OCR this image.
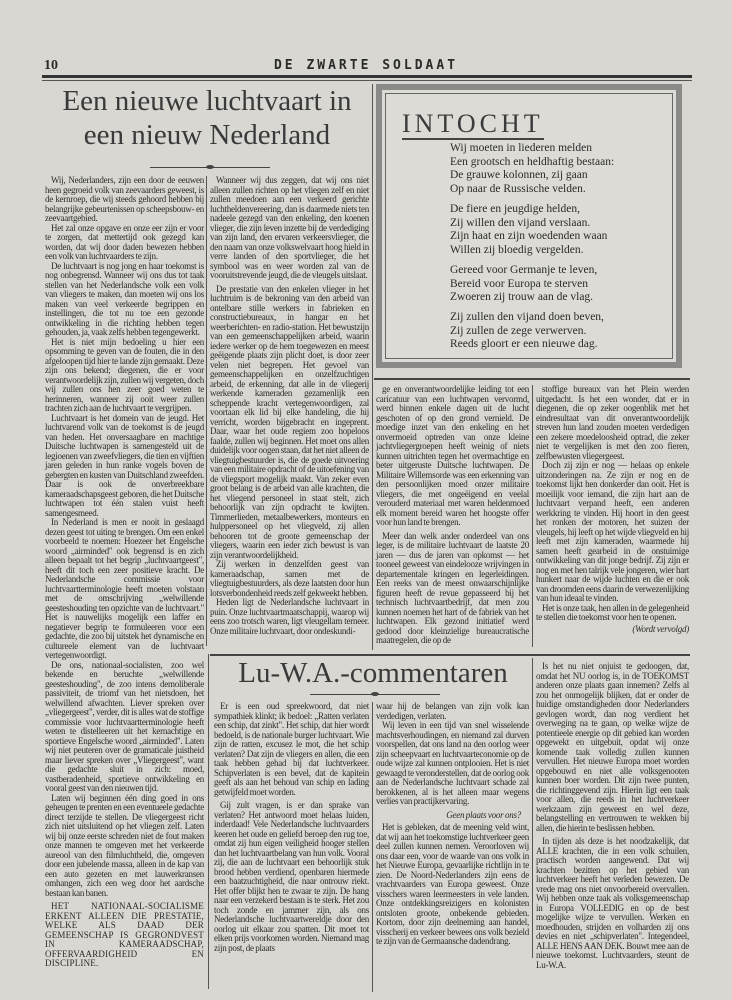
10	DE ZWARTE SOLDAAT
Een nieuwe luchtvaart in
een nieuw Nederland

Wij, Nederlanders, zijn een door de eeuwen heen gegroeid volk van zeevaarders geweest, is de kernroep, die wij steeds gehoord hebben bij belangrijke gebeurtenissen op scheepsbouw- en zeevaartgebied.

Het zal onze opgave en onze eer zijn er voor te zorgen, dat mettertijd ook gezegd kan worden, dat wij door daden bewezen hebben een volk van luchtvaarders te zijn.

De luchtvaart is nog jong en haar toekomst is nog onbegrensd. Wanneer wij ons dus tot taak stellen van het Nederlandsche volk een volk van vliegers te maken, dan moeten wij ons los maken van veel verkeerde begrippen en instellingen, die tot nu toe een gezonde ontwikkeling in die richting hebben tegen gehouden, ja, vaak zelfs hebben tegengewerkt.

Het is niet mijn bedoeling u hier een opsomming te geven van de fouten, die in den afgeloopen tijd hier te lande zijn gemaakt. Deze zijn ons bekend; diegenen, die er voor verantwoordelijk zijn, zullen wij vergeten, doch wij zullen ons hen zeer goed weten te herinneren, wanneer zij ooit weer zullen trachten zich aan de luchtvaart te vergrijpen.

Luchtvaart is het domein van de jeugd. Het luchtvarend volk van de toekomst is de jeugd van heden. Het onversaagbare en machtige Duitsche luchtwapen is samengesteld uit de legioenen van zweefvliegers, die tien en vijftien jaren geleden in hun ranke vogels boven de gebergten en kusten van Duitschland zweefden. Daar is ook de onverbreekbare kameraadschapsgeest geboren, die het Duitsche luchtwapen tot één stalen vuist heeft samengesmeed.

In Nederland is men er nooit in geslaagd dezen geest tot uiting te brengen. Om een enkel voorbeeld te noemen: Hoezeer het Engelsche woord „airminded" ook begrensd is en zich alleen bepaalt tot het begrip „luchtvaartgeest", heeft dit toch een zeer positieve kracht. De Nederlandsche commissie voor luchtvaartterminologie heeft moeten volstaan met de omschrijving „welwillende geesteshouding ten opzichte van de luchtvaart." Het is nauwelijks mogelijk een laffer en negatiever begrip te formuleeren voor een gedachte, die zoo bij uitstek het dynamische en cultureele element van de luchtvaart vertegenwoordigt.

De ons, nationaal-socialisten, zoo wel bekende en beruchte „welwillende geesteshouding", de zoo intens demoliberale passiviteit, de triomf van het nietsdoen, het welwillend afwachten. Liever spreken over „vliegergeest", verder, dit is alles wat de stoffige commissie voor luchtvaartterminologie heeft weten te distelleeren uit het kernachtige en sportieve Engelsche woord „airminded". Laten wij niet peuteren over de gramaticale juistheid maar liever spreken over „Vliegergeest", want die gedachte sluit in zich: moed, vastberadenheid, sportieve ontwikkeling en vooral geest van den nieuwen tijd.

Laten wij beginnen één ding goed in ons geheugen te prenten en een eventueele gedachte direct terzijde te stellen. De vliegergeest richt zich niet uitsluitend op het vliegen zelf. Laten wij bij onze eerste schreden niet de fout maken onze mannen te omgeven met het verkeerde aureool van den filmluchtheld, die, omgeven door een jubelende massa, alleen in de kap van een auto gezeten en met lauwerkransen omhangen, zich een weg door het aardsche bestaan kan banen.

HET NATIONAAL-SOCIALISME ERKENT ALLEEN DIE PRESTATIE, WELKE ALS DAAD DER GEMEENSCHAP IS GEGRONDVEST IN KAMERAADSCHAP, OFFERVAARDIGHEID EN DISCIPLINE.

Wanneer wij dus zeggen, dat wij ons niet alleen zullen richten op het vliegen zelf en niet zullen meedoen aan een verkeerd gerichte luchtheldenvereering, dan is daarmede niets ten nadeele gezegd van den enkeling, den koenen vlieger, die zijn leven inzette bij de verdediging van zijn land, den ervaren verkeersvlieger, die den naam van onze volkswelvaart hoog hield in verre landen of den sportvlieger, die het symbool was en weer worden zal van de vooruitstrevende jeugd, die de vleugels uitslaat.

De prestatie van den enkelen vlieger in het luchtruim is de bekroning van den arbeid van ontelbare stille werkers in fabrieken en constructiebureaux, in hangar en het weerberichten- en radio-station. Het bewustzijn van een gemeenschappelijken arbeid, waarin iedere werker op de hem toegewezen en meest geëigende plaats zijn plicht doet, is door zeer velen niet begrepen. Het gevoel van gemeenschappelijken en onzelfzuchtigen arbeid, de erkenning, dat alle in de vliegerij werkende kameraden gezamenlijk een scheppende kracht vertegenwoordigen, zal voortaan elk lid bij elke handeling, die hij verricht, worden bijgebracht en ingeprent. Daar, waar het oude regiem zoo hopeloos faalde, zullen wij beginnen. Het moet ons allen duidelijk voor oogen staan, dat het niet alleen de vliegtuigbestuurder is, die de goede uitvoering van een militaire opdracht of de uitoefening van de vliegsport mogelijk maakt. Van zeker even groot belang is de arbeid van alle krachten, die het vliegend personeel in staat stelt, zich behoorlijk van zijn opdracht te kwijten. Timmerlieden, metaalbewerkers, monteurs en hulppersoneel op het vliegveld, zij allen behooren tot de groote gemeenschap der vliegers, waarin een ieder zich bewust is van zijn verantwoordelijkheid.

Zij werken in denzelfden geest van kameraadschap, samen met de vliegtuigbestuurders, als deze laatsten door hun lotsverbondenheid reeds zelf gekweekt hebben.

Heden ligt de Nederlandsche luchtvaart in puin. Onze luchtvaartmaatschappij, waarop wij eens zoo trotsch waren, ligt vleugellam terneer. Onze militaire luchtvaart, door ondeskundi-

INTOCHT
Wij moeten in liederen melden
Een grootsch en heldhaftig bestaan:
De grauwe kolonnen, zij gaan
Op naar de Russische velden.
De fiere en jeugdige helden,
Zij willen den vijand verslaan.
Zijn haat en zijn woedenden waan
Willen zij bloedig vergelden.
Gereed voor Germanje te leven,
Bereid voor Europa te sterven
Zwoeren zij trouw aan de vlag.
Zij zullen den vijand doen beven,
Zij zullen de zege verwerven.
Reeds gloort er een nieuwe dag.

ge en onverantwoordelijke leiding tot een caricatuur van een luchtwapen vervormd, werd binnen enkele dagen uit de lucht geschoten of op den grond vernield. De moedige inzet van den enkeling en het onvermoeid optreden van onze kleine jachtvliegergroepen heeft weinig of niets kunnen uitrichten tegen het overmachtige en beter uitgeruste Duitsche luchtwapen. De Militaire Willemsorde was een erkenning van den persoonlijken moed onzer militaire vliegers, die met ongeëigend en veelal verouderd materiaal met waren heldenmoed elk moment bereid waren het hoogste offer voor hun land te brengen.

Meer dan welk ander onderdeel van ons leger, is de militaire luchtvaart de laatste 20 jaren — dus de jaren van opkomst — het tooneel geweest van eindelooze wrijvingen in departementale kringen en legerleidingen. Een reeks van de meest onwaarschijnlijke figuren heeft de revue gepasseerd bij het technisch luchtvaartbedrijf, dat men zou kunnen noemen het hart of de fabriek van het luchtwapen. Elk gezond initiatief werd gedood door kleinzielige bureaucratische maatregelen, die op de

stoffige bureaux van het Plein werden uitgedacht. Is het een wonder, dat er in diegenen, die op zeker oogenblik met het eindresultaat van dit onverantwoordelijk streven hun land zouden moeten verdedigen een zekere moedeloosheid optrad, die zeker niet te vergelijken is met den zoo fieren, zelfbewusten vliegergeest.

Doch zij zijn er nog — helaas op enkele uitzonderingen na. Ze zijn er nog en de toekomst lijkt hen donkerder dan ooit. Het is moeilijk voor iemand, die zijn hart aan de luchtvaart verpand heeft, een anderen werkkring te vinden. Hij hoort in den geest het ronken der motoren, het suizen der vleugels, hij leeft op het wijde vliegveld en hij leeft met zijn kameraden, waarmede hij samen heeft gearbeid in de onstuimige ontwikkeling van dit jonge bedrijf. Zij zijn er nog en met hen talrijk vele jongeren, wier hart hunkert naar de wijde luchten en die er ook van droomden eens daarin de verwezenlijking van hun ideaal te vinden.

Het is onze taak, hen allen in de gelegenheid te stellen die toekomst voor hen te openen.

(Wordt vervolgd)

Lu-W.A.-commentaren

Er is een oud spreekwoord, dat niet sympathiek klinkt; ik bedoel: „Ratten verlaten een schip, dat zinkt". Het schip, dat hier wordt bedoeld, is de nationale burger luchtvaart. Wie zijn de ratten, excusez le mot, die het schip verlaten? Dat zijn de vliegers en allen, die een taak hebben gehad bij dat luchtverkeer. Schipverlaten is een bevel, dat de kapitein geeft als aan het behoud van schip en lading getwijfeld moet worden.

Gij zult vragen, is er dan sprake van verlaten? Het antwoord moet helaas luiden, inderdaad! Vele Nederlandsche luchtvaarders keeren het oude en geliefd beroep den rug toe, omdat zij hun eigen veiligheid hooger stellen dan het luchtvaartbelang van hun volk. Vooral zij, die aan de luchtvaart een behoorlijk stuk brood hebben verdiend, openbaren hiermede een baatzuchtigheid, die naar ontrouw riekt. Het offer blijkt hen te zwaar te zijn. De hang naar een verzekerd bestaan is te sterk. Het zou toch zonde en jammer zijn, als ons Nederlandsche luchtvaartwereldje door den oorlog uit elkaar zou spatten. Dit moet tot elken prijs voorkomen worden. Niemand mag zijn post, de plaats

waar hij de belangen van zijn volk kan verdedigen, verlaten.

Wij leven in een tijd van snel wisselende machtsverhoudingen, en niemand zal durven voorspellen, dat ons land na den oorlog weer zijn scheepvaart en luchtvaarteconomie op de oude wijze zal kunnen ontplooien. Het is niet gewaagd te veronderstellen, dat de oorlog ook aan de Nederlandsche luchtvaart schade zal berokkenen, al is het alleen maar wegens verlies van practijkervaring.

Geen plaats voor ons?

Het is gebleken, dat de meening veld wint, dat wij aan het toekomstige luchtverkeer geen deel zullen kunnen nemen. Veroorloven wij ons daar een, voor de waarde van ons volk in het Nieuwe Europa, gevaarlijke richtlijn in te zien. De Noord-Nederlanders zijn eens de vrachtvaarders van Europa geweest. Onze visschers waren leermeesters in vele landen. Onze ontdekkingsreizigers en kolonisten ontsloten groote, onbekende gebieden. Kortom, door zijn deelneming aan handel, visscherij en verkeer bewees ons volk bezield te zijn van de Germaansche dadendrang.

Is het nu niet onjuist te gedoogen, dat, omdat het NU oorlog is, in de TOEKOMST anderen onze plaats gaan innemen? Zelfs al zou het onmogelijk blijken, dat er onder de huidige omstandigheden door Nederlanders gevlogen wordt, dan nog verdient het overweging na te gaan, op welke wijze de potentieele energie op dit gebied kan worden opgewekt en uitgebuit, opdat wij onze komende taak volledig zullen kunnen vervullen. Het nieuwe Europa moet worden opgebouwd en niet alle volksgenooten kunnen boer worden. Dit zijn twee punten, die richtinggevend zijn. Hierin ligt een taak voor allen, die reeds in het luchtverkeer werkzaam zijn geweest en wel deze, belangstelling en vertrouwen te wekken bij allen, die hierin te beslissen hebben.

In tijden als deze is het noodzakelijk, dat ALLE krachten, die in een volk schuilen, practisch worden aangewend. Dat wij krachten bezitten op het gebied van luchtverkeer heeft het verleden bewezen. De vrede mag ons niet onvoorbereid overvallen. Wij hebben onze taak als volksgemeenschap in Europa VOLLEDIG en op de best mogelijke wijze te vervullen. Werken en moedhouden, strijden en volharden zij ons devies en niet „schipverlaten". Integendeel, ALLE HENS AAN DEK. Bouwt mee aan de nieuwe toekomst. Luchtvaarders, steunt de Lu-W.A.
